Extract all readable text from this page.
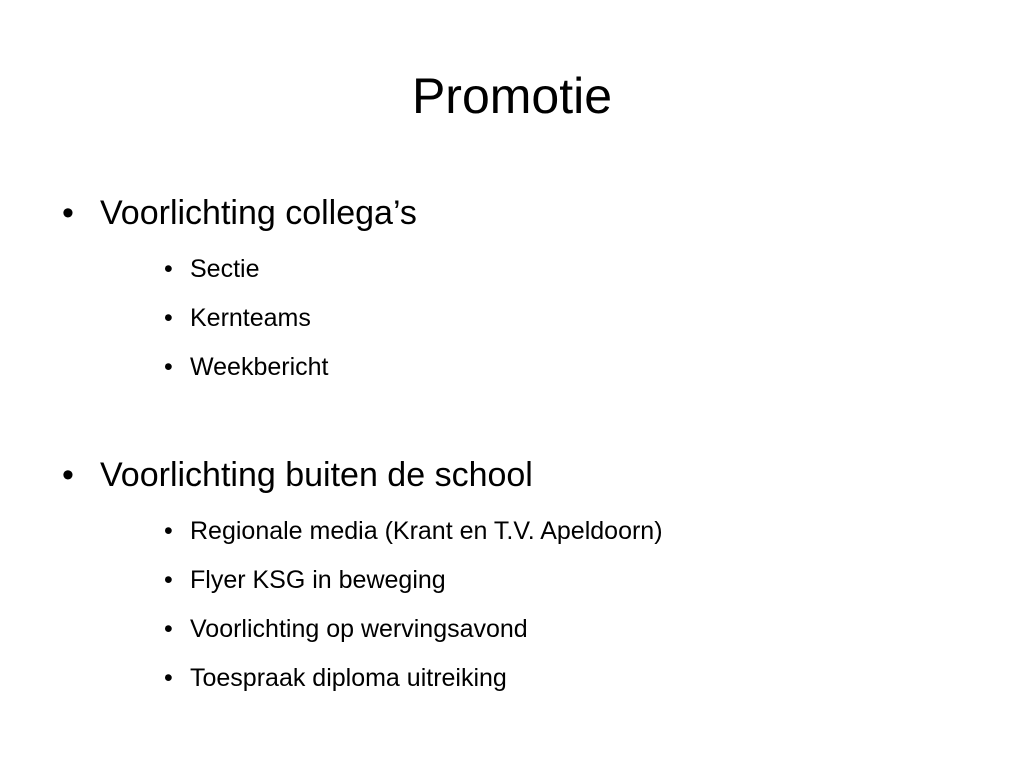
Promotie
• Voorlichting collega’s
• Sectie
• Kernteams
• Weekbericht
• Voorlichting buiten de school
• Regionale media (Krant en T.V. Apeldoorn)
• Flyer KSG in beweging
• Voorlichting op wervingsavond
• Toespraak diploma uitreiking
